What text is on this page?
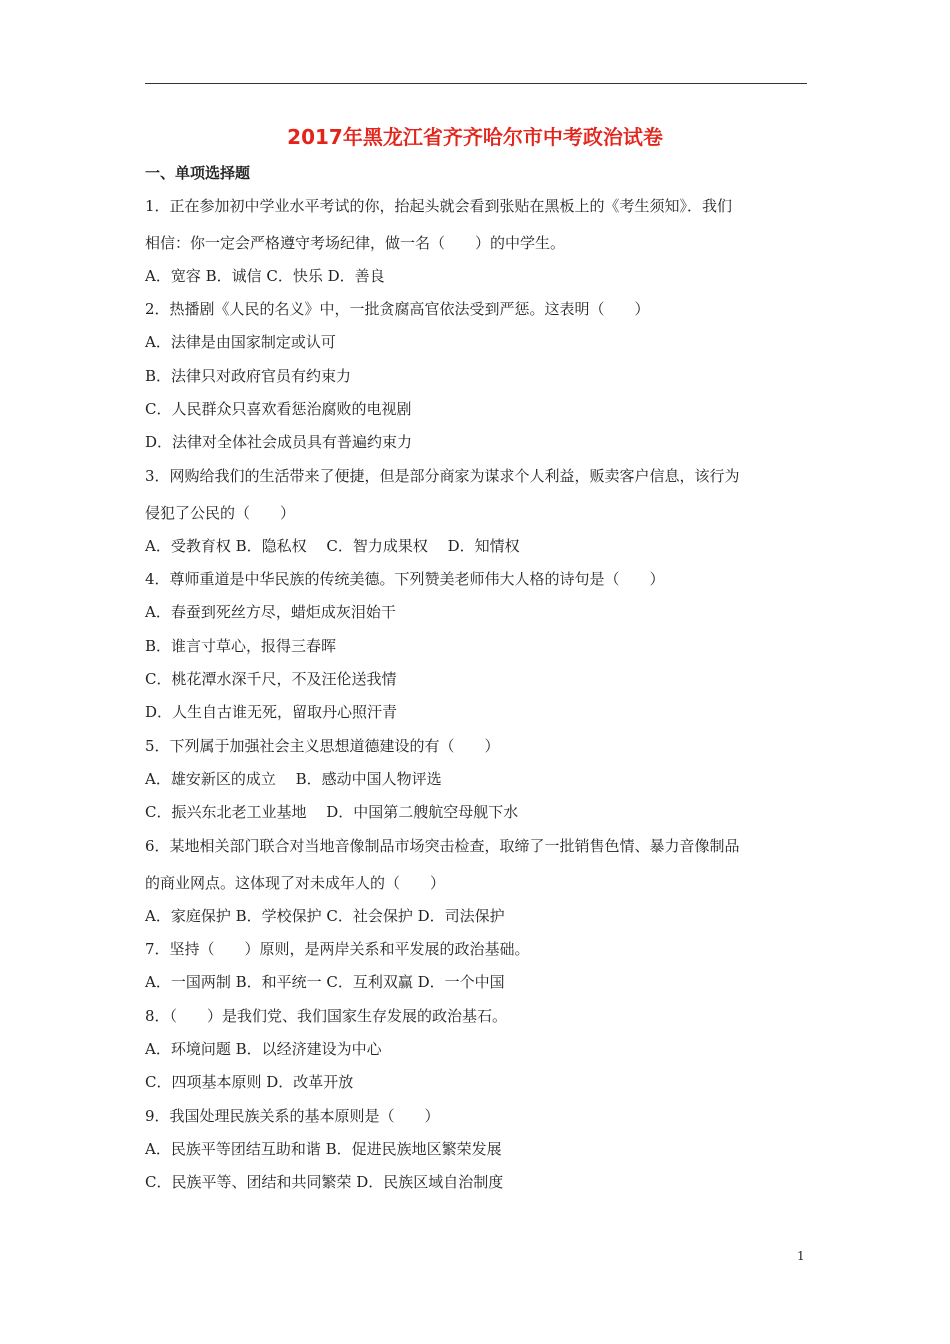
2017年黑龙江省齐齐哈尔市中考政治试卷
一、单项选择题
1．正在参加初中学业水平考试的你，抬起头就会看到张贴在黑板上的《考生须知》．我们
相信：你一定会严格遵守考场纪律，做一名（　　）的中学生。
A．宽容 B．诚信 C．快乐 D．善良
2．热播剧《人民的名义》中，一批贪腐高官依法受到严惩。这表明（　　）
A．法律是由国家制定或认可
B．法律只对政府官员有约束力
C．人民群众只喜欢看惩治腐败的电视剧
D．法律对全体社会成员具有普遍约束力
3．网购给我们的生活带来了便捷，但是部分商家为谋求个人利益，贩卖客户信息，该行为
侵犯了公民的（　　）
A．受教育权 B．隐私权　 C．智力成果权　 D．知情权
4．尊师重道是中华民族的传统美德。下列赞美老师伟大人格的诗句是（　　）
A．春蚕到死丝方尽，蜡炬成灰泪始干
B．谁言寸草心，报得三春晖
C．桃花潭水深千尺，不及汪伦送我情
D．人生自古谁无死，留取丹心照汗青
5．下列属于加强社会主义思想道德建设的有（　　）
A．雄安新区的成立　 B．感动中国人物评选
C．振兴东北老工业基地　 D．中国第二艘航空母舰下水
6．某地相关部门联合对当地音像制品市场突击检查，取缔了一批销售色情、暴力音像制品
的商业网点。这体现了对未成年人的（　　）
A．家庭保护 B．学校保护 C．社会保护 D．司法保护
7．坚持（　　）原则，是两岸关系和平发展的政治基础。
A．一国两制 B．和平统一 C．互利双赢 D．一个中国
8．（　　）是我们党、我们国家生存发展的政治基石。
A．环境问题 B．以经济建设为中心
C．四项基本原则 D．改革开放
9．我国处理民族关系的基本原则是（　　）
A．民族平等团结互助和谐 B．促进民族地区繁荣发展
C．民族平等、团结和共同繁荣 D．民族区域自治制度
1
